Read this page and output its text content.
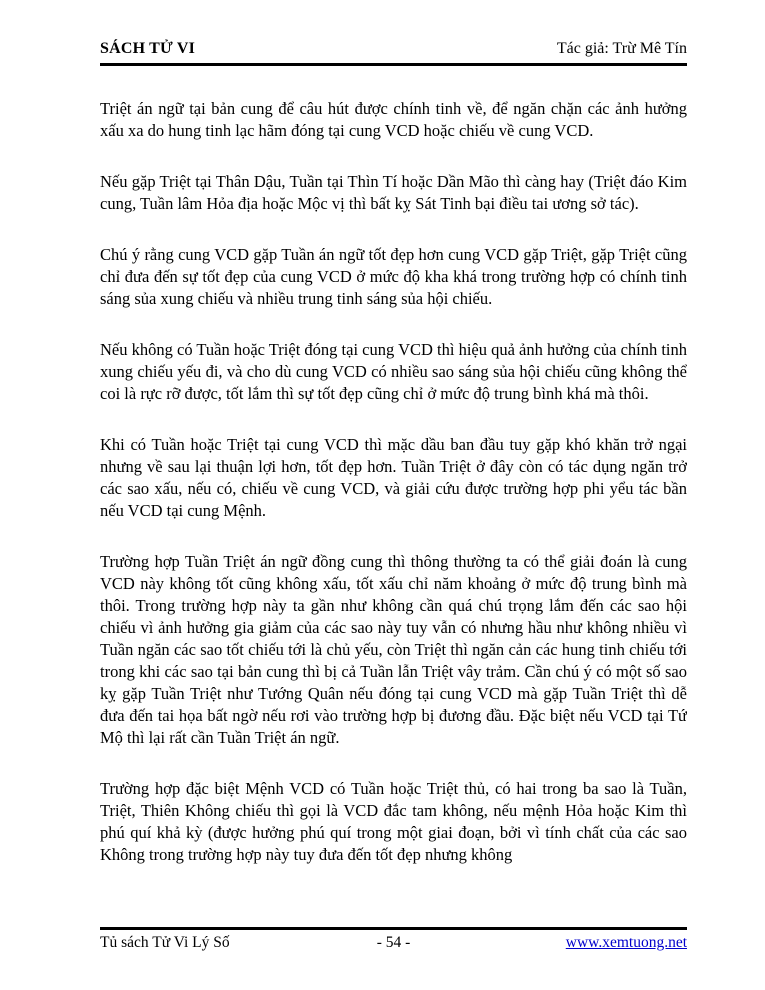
SÁCH TỬ VI	Tác giả: Trừ Mê Tín

Triệt án ngữ tại bản cung để câu hút được chính tinh về, để ngăn chặn các ảnh hưởng xấu xa do hung tinh lạc hãm đóng tại cung VCD hoặc chiếu về cung VCD.

Nếu gặp Triệt tại Thân Dậu, Tuần tại Thìn Tí hoặc Dần Mão thì càng hay (Triệt đáo Kim cung, Tuần lâm Hỏa địa hoặc Mộc vị thì bất kỵ Sát Tinh bại điều tai ương sở tác).

Chú ý rằng cung VCD gặp Tuần án ngữ tốt đẹp hơn cung VCD gặp Triệt, gặp Triệt cũng chỉ đưa đến sự tốt đẹp của cung VCD ở mức độ kha khá trong trường hợp có chính tinh sáng sủa xung chiếu và nhiều trung tinh sáng sủa hội chiếu.

Nếu không có Tuần hoặc Triệt đóng tại cung VCD thì hiệu quả ảnh hưởng của chính tinh xung chiếu yếu đi, và cho dù cung VCD có nhiều sao sáng sủa hội chiếu cũng không thể coi là rực rỡ được, tốt lắm thì sự tốt đẹp cũng chỉ ở mức độ trung bình khá mà thôi.

Khi có Tuần hoặc Triệt tại cung VCD thì mặc dầu ban đầu tuy gặp khó khăn trở ngại nhưng về sau lại thuận lợi hơn, tốt đẹp hơn. Tuần Triệt ở đây còn có tác dụng ngăn trở các sao xấu, nếu có, chiếu về cung VCD, và giải cứu được trường hợp phi yểu tác bần nếu VCD tại cung Mệnh.

Trường hợp Tuần Triệt án ngữ đồng cung thì thông thường ta có thể giải đoán là cung VCD này không tốt cũng không xấu, tốt xấu chỉ năm khoảng ở mức độ trung bình mà thôi. Trong trường hợp này ta gần như không cần quá chú trọng lắm đến các sao hội chiếu vì ảnh hưởng gia giảm của các sao này tuy vẫn có nhưng hầu như không nhiều vì Tuần ngăn các sao tốt chiếu tới là chủ yếu, còn Triệt thì ngăn cản các hung tinh chiếu tới trong khi các sao tại bản cung thì bị cả Tuần lẫn Triệt vây trảm. Cần chú ý có một số sao kỵ gặp Tuần Triệt như Tướng Quân nếu đóng tại cung VCD mà gặp Tuần Triệt thì dễ đưa đến tai họa bất ngờ nếu rơi vào trường hợp bị đương đầu. Đặc biệt nếu VCD tại Tứ Mộ thì lại rất cần Tuần Triệt án ngữ.

Trường hợp đặc biệt Mệnh VCD có Tuần hoặc Triệt thủ, có hai trong ba sao là Tuần, Triệt, Thiên Không chiếu thì gọi là VCD đắc tam không, nếu mệnh Hỏa hoặc Kim thì phú quí khả kỳ (được hưởng phú quí trong một giai đoạn, bởi vì tính chất của các sao Không trong trường hợp này tuy đưa đến tốt đẹp nhưng không

Tủ sách Tử Vi Lý Số	- 54 -	www.xemtuong.net
